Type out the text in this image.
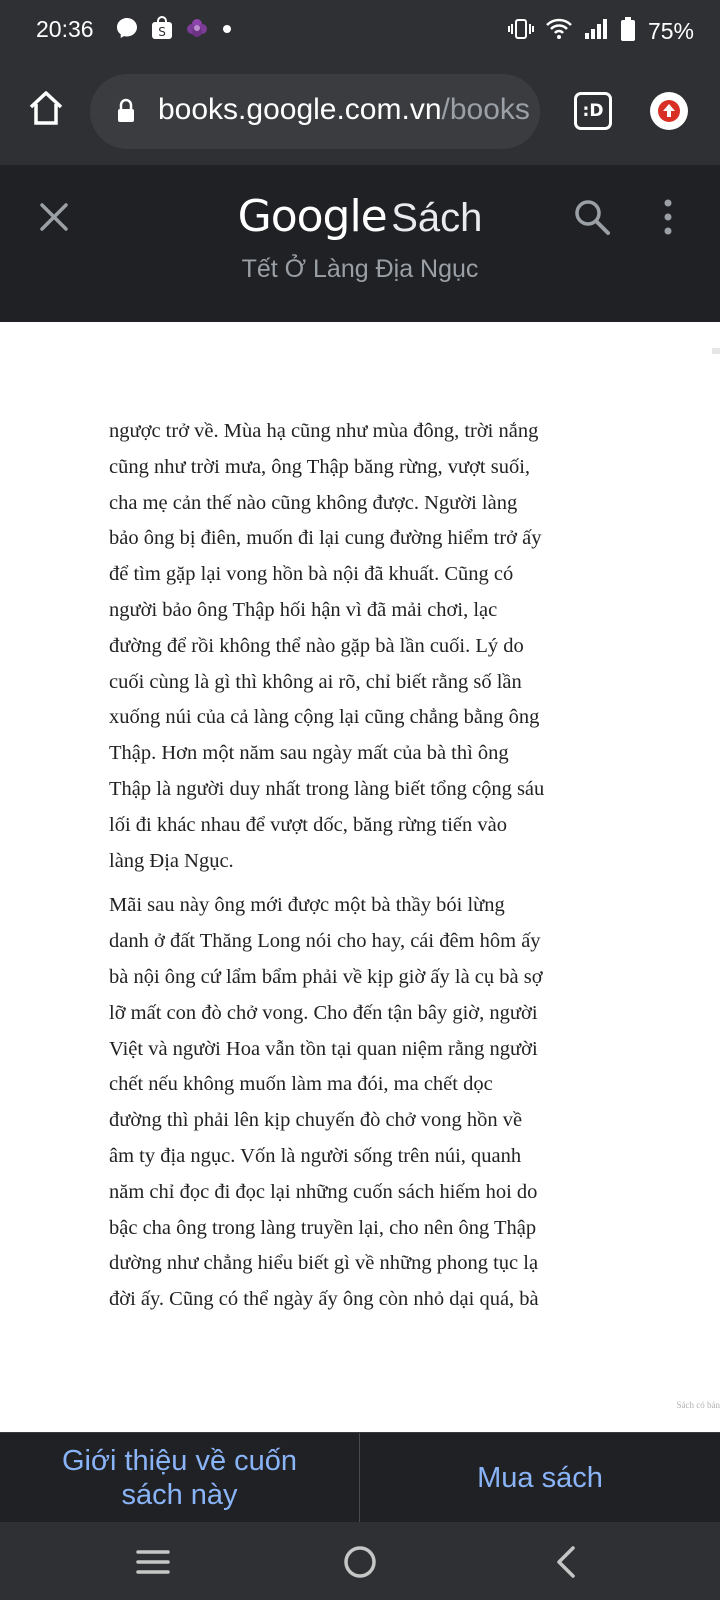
20:36	S	75%
books.google.com.vn/books	:D
Google Sách
Tết Ở Làng Địa Ngục

ngược trở về. Mùa hạ cũng như mùa đông, trời nắng
cũng như trời mưa, ông Thập băng rừng, vượt suối,
cha mẹ cản thế nào cũng không được. Người làng
bảo ông bị điên, muốn đi lại cung đường hiểm trở ấy
để tìm gặp lại vong hồn bà nội đã khuất. Cũng có
người bảo ông Thập hối hận vì đã mải chơi, lạc
đường để rồi không thể nào gặp bà lần cuối. Lý do
cuối cùng là gì thì không ai rõ, chỉ biết rằng số lần
xuống núi của cả làng cộng lại cũng chẳng bằng ông
Thập. Hơn một năm sau ngày mất của bà thì ông
Thập là người duy nhất trong làng biết tổng cộng sáu
lối đi khác nhau để vượt dốc, băng rừng tiến vào
làng Địa Ngục.

Mãi sau này ông mới được một bà thầy bói lừng
danh ở đất Thăng Long nói cho hay, cái đêm hôm ấy
bà nội ông cứ lẩm bẩm phải về kịp giờ ấy là cụ bà sợ
lỡ mất con đò chở vong. Cho đến tận bây giờ, người
Việt và người Hoa vẫn tồn tại quan niệm rằng người
chết nếu không muốn làm ma đói, ma chết dọc
đường thì phải lên kịp chuyến đò chở vong hồn về
âm ty địa ngục. Vốn là người sống trên núi, quanh
năm chỉ đọc đi đọc lại những cuốn sách hiếm hoi do
bậc cha ông trong làng truyền lại, cho nên ông Thập
dường như chẳng hiểu biết gì về những phong tục lạ
đời ấy. Cũng có thể ngày ấy ông còn nhỏ dại quá, bà

Sách có bản
Giới thiệu về cuốn
sách này
Mua sách
